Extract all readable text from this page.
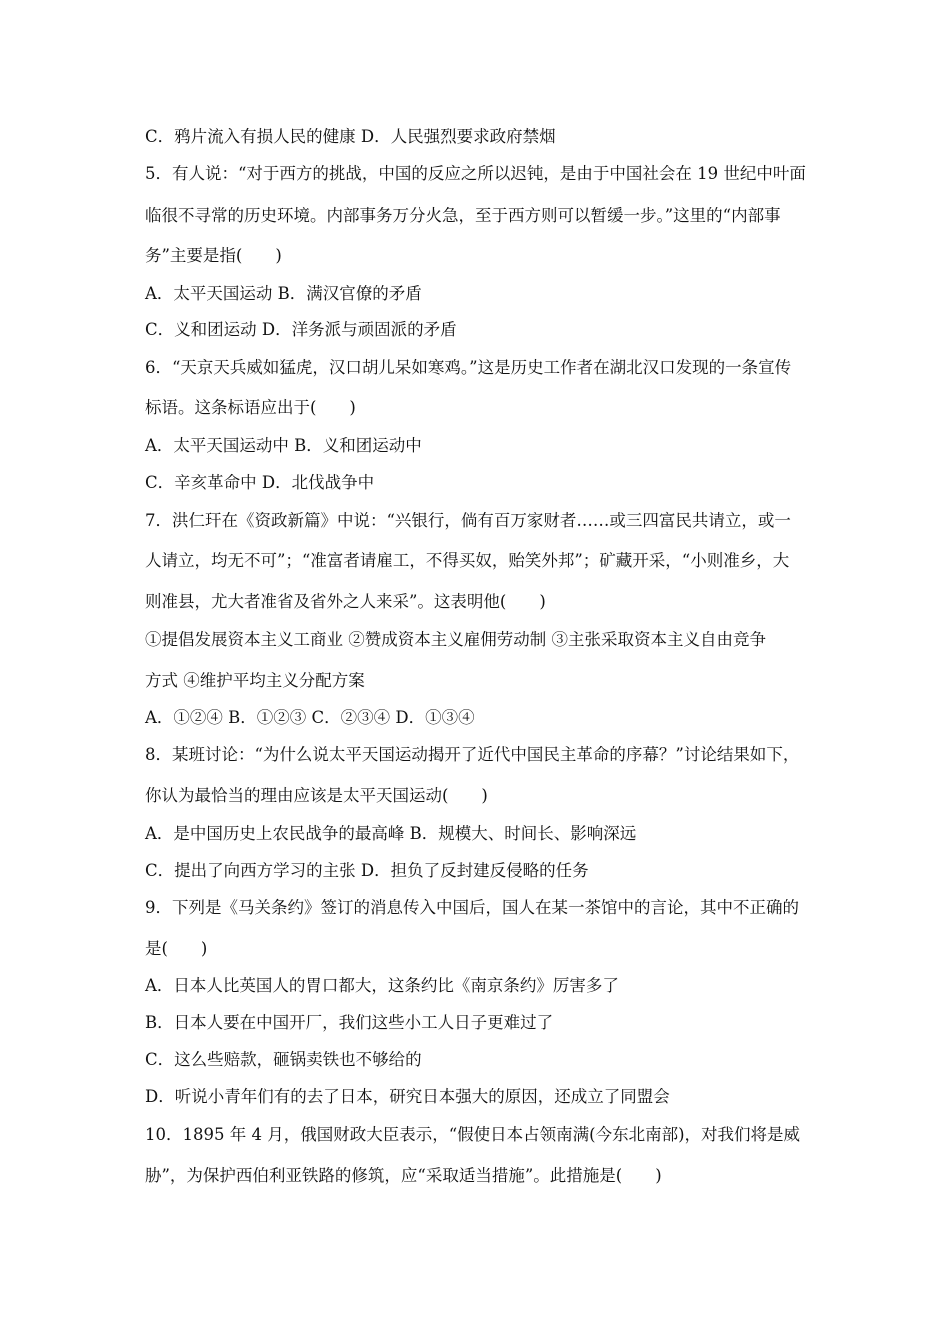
C．鸦片流入有损人民的健康 D．人民强烈要求政府禁烟
5．有人说：“对于西方的挑战，中国的反应之所以迟钝，是由于中国社会在 19 世纪中叶面
临很不寻常的历史环境。内部事务万分火急，至于西方则可以暂缓一步。”这里的“内部事
务”主要是指(　　)
A．太平天国运动 B．满汉官僚的矛盾
C．义和团运动 D．洋务派与顽固派的矛盾
6．“天京天兵威如猛虎，汉口胡儿呆如寒鸡。”这是历史工作者在湖北汉口发现的一条宣传
标语。这条标语应出于(　　)
A．太平天国运动中 B．义和团运动中
C．辛亥革命中 D．北伐战争中
7．洪仁玕在《资政新篇》中说：“兴银行，倘有百万家财者……或三四富民共请立，或一
人请立，均无不可”；“准富者请雇工，不得买奴，贻笑外邦”；矿藏开采，“小则准乡，大
则准县，尤大者准省及省外之人来采”。这表明他(　　)
①提倡发展资本主义工商业 ②赞成资本主义雇佣劳动制 ③主张采取资本主义自由竞争
方式 ④维护平均主义分配方案
A．①②④ B．①②③ C．②③④ D．①③④
8．某班讨论：“为什么说太平天国运动揭开了近代中国民主革命的序幕？”讨论结果如下，
你认为最恰当的理由应该是太平天国运动(　　)
A．是中国历史上农民战争的最高峰 B．规模大、时间长、影响深远
C．提出了向西方学习的主张 D．担负了反封建反侵略的任务
9．下列是《马关条约》签订的消息传入中国后，国人在某一茶馆中的言论，其中不正确的
是(　　)
A．日本人比英国人的胃口都大，这条约比《南京条约》厉害多了
B．日本人要在中国开厂，我们这些小工人日子更难过了
C．这么些赔款，砸锅卖铁也不够给的
D．听说小青年们有的去了日本，研究日本强大的原因，还成立了同盟会
10．1895 年 4 月，俄国财政大臣表示，“假使日本占领南满(今东北南部)，对我们将是威
胁”，为保护西伯利亚铁路的修筑，应“采取适当措施”。此措施是(　　)
